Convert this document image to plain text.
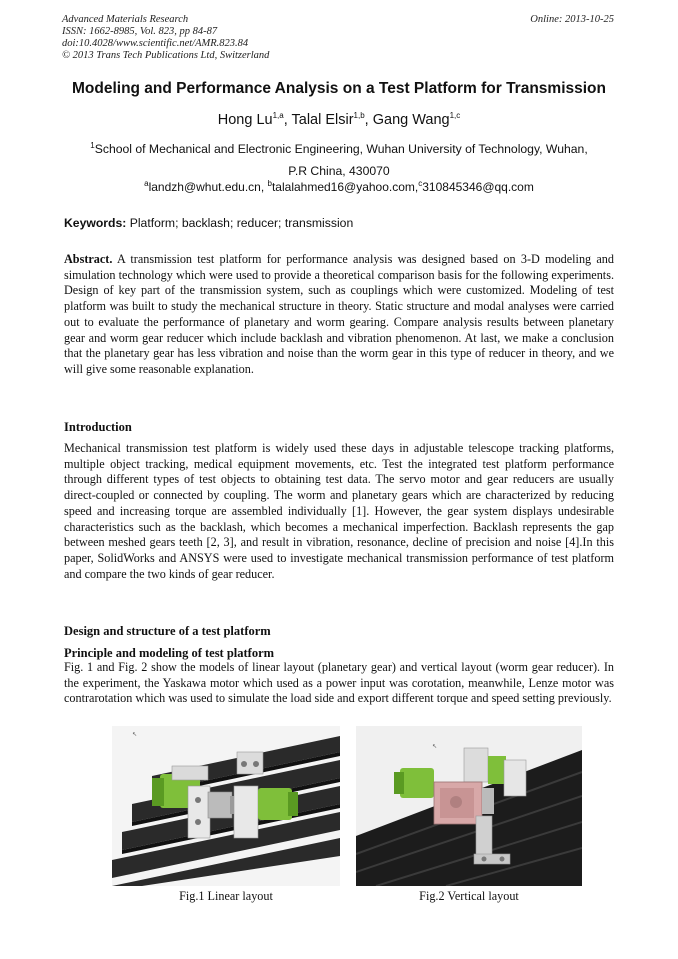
Advanced Materials Research
ISSN: 1662-8985, Vol. 823, pp 84-87
doi:10.4028/www.scientific.net/AMR.823.84
© 2013 Trans Tech Publications Ltd, Switzerland
Online: 2013-10-25
Modeling and Performance Analysis on a Test Platform for Transmission
Hong Lu$^{1,a}$, Talal Elsir$^{1,b}$, Gang Wang$^{1,c}$
$^1$School of Mechanical and Electronic Engineering, Wuhan University of Technology, Wuhan,
P.R China, 430070
$^a$landzh@whut.edu.cn, $^b$talalahmed16@yahoo.com,$^c$310845346@qq.com
Keywords: Platform; backlash; reducer; transmission
Abstract. A transmission test platform for performance analysis was designed based on 3-D modeling and simulation technology which were used to provide a theoretical comparison basis for the following experiments. Design of key part of the transmission system, such as couplings which were customized. Modeling of test platform was built to study the mechanical structure in theory. Static structure and modal analyses were carried out to evaluate the performance of planetary and worm gearing. Compare analysis results between planetary gear and worm gear reducer which include backlash and vibration phenomenon. At last, we make a conclusion that the planetary gear has less vibration and noise than the worm gear in this type of reducer in theory, and we will give some reasonable explanation.
Introduction
Mechanical transmission test platform is widely used these days in adjustable telescope tracking platforms, multiple object tracking, medical equipment movements, etc. Test the integrated test platform performance through different types of test objects to obtaining test data. The servo motor and gear reducers are usually direct-coupled or connected by coupling. The worm and planetary gears which are characterized by reducing speed and increasing torque are assembled individually [1]. However, the gear system displays undesirable characteristics such as the backlash, which becomes a mechanical imperfection. Backlash represents the gap between meshed gears teeth [2, 3], and result in vibration, resonance, decline of precision and noise [4].In this paper, SolidWorks and ANSYS were used to investigate mechanical transmission performance of test platform and compare the two kinds of gear reducer.
Design and structure of a test platform
Principle and modeling of test platform
Fig. 1 and Fig. 2 show the models of linear layout (planetary gear) and vertical layout (worm gear reducer). In the experiment, the Yaskawa motor which used as a power input was corotation, meanwhile, Lenze motor was contrarotation which was used to simulate the load side and export different torque and speed setting previously.
↖
↖
Fig.1 Linear layout	Fig.2 Vertical layout
